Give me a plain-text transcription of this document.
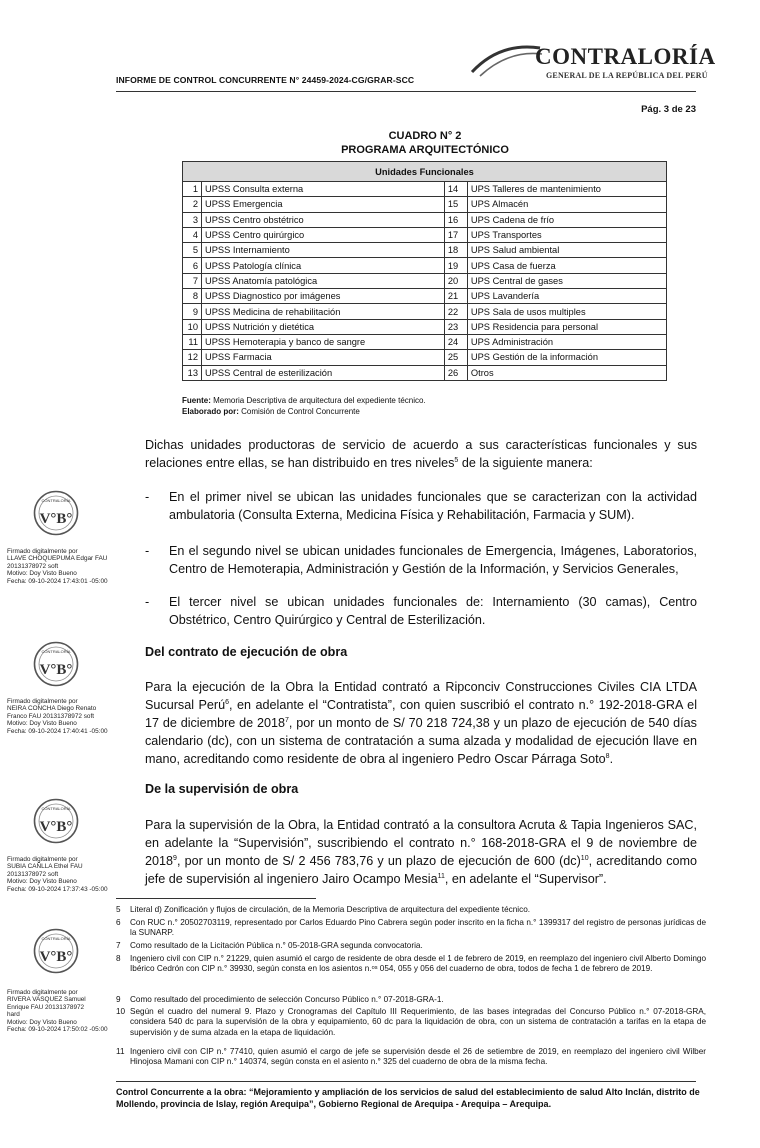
INFORME DE CONTROL CONCURRENTE N° 24459-2024-CG/GRAR-SCC
CONTRALORÍA
GENERAL DE LA REPÚBLICA DEL PERÚ
Pág. 3 de 23
CUADRO N° 2
PROGRAMA ARQUITECTÓNICO
Unidades Funcionales			
1	UPSS Consulta externa	14	UPS Talleres de mantenimiento
2	UPSS Emergencia	15	UPS Almacén
3	UPSS Centro obstétrico	16	UPS Cadena de frío
4	UPSS Centro quirúrgico	17	UPS Transportes
5	UPSS Internamiento	18	UPS Salud ambiental
6	UPSS Patología clínica	19	UPS Casa de fuerza
7	UPSS Anatomía patológica	20	UPS Central de gases
8	UPSS Diagnostico por imágenes	21	UPS Lavandería
9	UPSS Medicina de rehabilitación	22	UPS Sala de usos multiples
10	UPSS Nutrición y dietética	23	UPS Residencia para personal
11	UPSS Hemoterapia y banco de sangre	24	UPS Administración
12	UPSS Farmacia	25	UPS Gestión de la información
13	UPSS Central de esterilización	26	Otros
Fuente: Memoria Descriptiva de arquitectura del expediente técnico.
Elaborado por: Comisión de Control Concurrente
Dichas unidades productoras de servicio de acuerdo a sus características funcionales y sus relaciones entre ellas, se han distribuido en tres niveles$^5$ de la siguiente manera:
- En el primer nivel se ubican las unidades funcionales que se caracterizan con la actividad ambulatoria (Consulta Externa, Medicina Física y Rehabilitación, Farmacia y SUM).
- En el segundo nivel se ubican unidades funcionales de Emergencia, Imágenes, Laboratorios, Centro de Hemoterapia, Administración y Gestión de la Información, y Servicios Generales,
- El tercer nivel se ubican unidades funcionales de: Internamiento (30 camas), Centro Obstétrico, Centro Quirúrgico y Central de Esterilización.
Del contrato de ejecución de obra
Para la ejecución de la Obra la Entidad contrató a Ripconciv Construcciones Civiles CIA LTDA Sucursal Perú$^6$, en adelante el “Contratista”, con quien suscribió el contrato n.° 192-2018-GRA el 17 de diciembre de 2018$^7$, por un monto de S/ 70 218 724,38 y un plazo de ejecución de 540 días calendario (dc), con un sistema de contratación a suma alzada y modalidad de ejecución llave en mano, acreditando como residente de obra al ingeniero Pedro Oscar Párraga Soto$^8$.
De la supervisión de obra
Para la supervisión de la Obra, la Entidad contrató a la consultora Acruta & Tapia Ingenieros SAC, en adelante la “Supervisión”, suscribiendo el contrato n.° 168-2018-GRA el 9 de noviembre de 2018$^9$, por un monto de S/ 2 456 783,76 y un plazo de ejecución de 600 (dc)$^{10}$, acreditando como jefe de supervisión al ingeniero Jairo Ocampo Mesia$^{11}$, en adelante el “Supervisor”.
CONTRALORÍA
V°B°
Firmado digitalmente por
LLAVE CHOQUEPUMA Edgar FAU
20131378972 soft
Motivo: Doy Visto Bueno
Fecha: 09-10-2024 17:43:01 -05:00
CONTRALORÍA
V°B°
Firmado digitalmente por
NEIRA CONCHA Diego Renato
Franco FAU 20131378972 soft
Motivo: Doy Visto Bueno
Fecha: 09-10-2024 17:40:41 -05:00
CONTRALORÍA
V°B°
Firmado digitalmente por
SUBIA CAÑLLA Ethel FAU
20131378972 soft
Motivo: Doy Visto Bueno
Fecha: 09-10-2024 17:37:43 -05:00
CONTRALORÍA
V°B°
Firmado digitalmente por
RIVERA VASQUEZ Samuel
Enrique FAU 20131378972
hard
Motivo: Doy Visto Bueno
Fecha: 09-10-2024 17:50:02 -05:00
5	Literal d) Zonificación y flujos de circulación, de la Memoria Descriptiva de arquitectura del expediente técnico.
6	Con RUC n.° 20502703119, representado por Carlos Eduardo Pino Cabrera según poder inscrito en la ficha n.° 1399317 del registro de personas jurídicas de la SUNARP.
7	Como resultado de la Licitación Pública n.° 05-2018-GRA segunda convocatoria.
8	Ingeniero civil con CIP n.° 21229, quien asumió el cargo de residente de obra desde el 1 de febrero de 2019, en reemplazo del ingeniero civil Alberto Domingo Ibérico Cedrón con CIP n.° 39930, según consta en los asientos n.ᵒˢ 054, 055 y 056 del cuaderno de obra, todos de fecha 1 de febrero de 2019.
9	Como resultado del procedimiento de selección Concurso Público n.° 07-2018-GRA-1.
10 Según el cuadro del numeral 9. Plazo y Cronogramas del Capítulo III Requerimiento, de las bases integradas del Concurso Público n.° 07-2018-GRA, considera 540 dc para la supervisión de la obra y equipamiento, 60 dc para la liquidación de obra, con un sistema de contratación a tarifas en la etapa de supervisión y de suma alzada en la etapa de liquidación.
11 Ingeniero civil con CIP n.° 77410, quien asumió el cargo de jefe se supervisión desde el 26 de setiembre de 2019, en reemplazo del ingeniero civil Wilber Hinojosa Mamani con CIP n.° 140374, según consta en el asiento n.° 325 del cuaderno de obra de la misma fecha.
Control Concurrente a la obra: “Mejoramiento y ampliación de los servicios de salud del establecimiento de salud Alto Inclán, distrito de Mollendo, provincia de Islay, región Arequipa”, Gobierno Regional de Arequipa - Arequipa – Arequipa.
